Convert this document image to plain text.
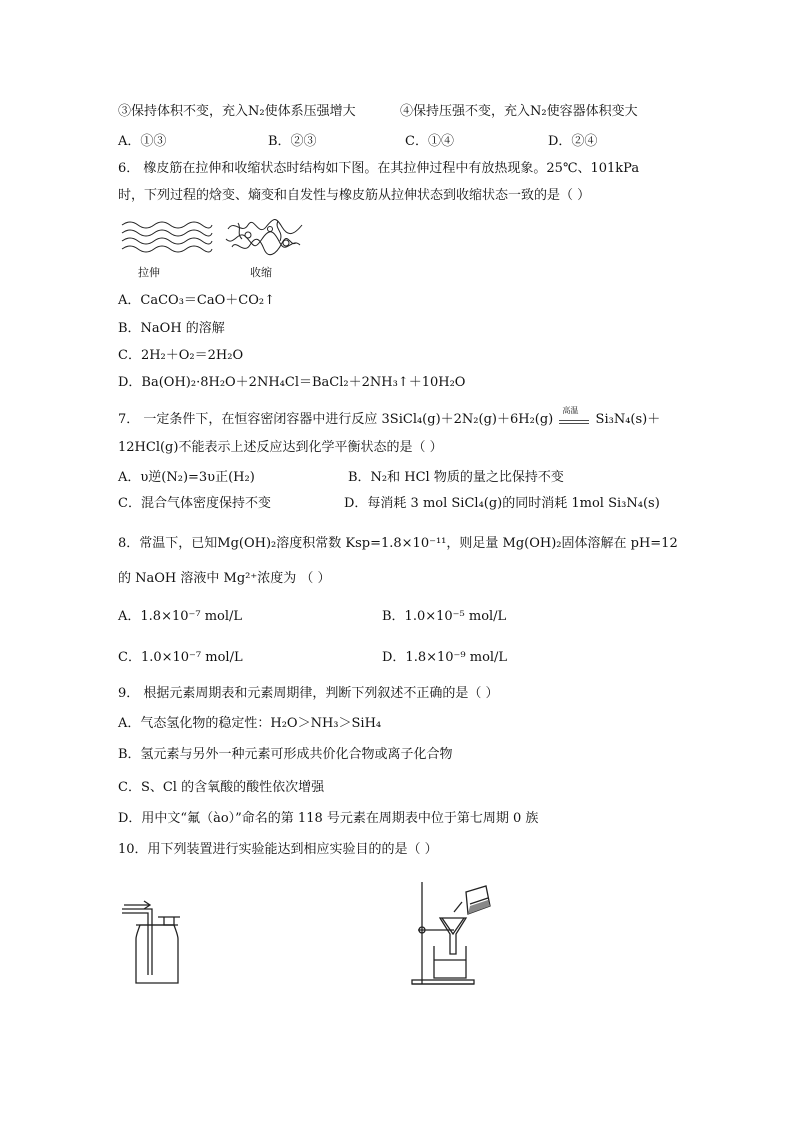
③保持体积不变，充入N₂使体系压强增大	④保持压强不变，充入N₂使容器体积变大
A．①③	B．②③	C．①④	D．②④
6． 橡皮筋在拉伸和收缩状态时结构如下图。在其拉伸过程中有放热现象。25℃、101kPa
时，下列过程的焓变、熵变和自发性与橡皮筋从拉伸状态到收缩状态一致的是（ ）
拉伸	收缩
A．CaCO₃＝CaO＋CO₂↑
B．NaOH 的溶解
C．2H₂＋O₂＝2H₂O
D．Ba(OH)₂·8H₂O＋2NH₄Cl＝BaCl₂＋2NH₃↑＋10H₂O
7． 一定条件下，在恒容密闭容器中进行反应 3SiCl₄(g)＋2N₂(g)＋6H₂(g)
高温
Si₃N₄(s)＋
12HCl(g)不能表示上述反应达到化学平衡状态的是（ ）
A．υ逆(N₂)=3υ正(H₂)	B．N₂和 HCl 物质的量之比保持不变
C．混合气体密度保持不变	D．每消耗 3 mol SiCl₄(g)的同时消耗 1mol Si₃N₄(s)
8．常温下，已知Mg(OH)₂溶度积常数 Ksp=1.8×10⁻¹¹，则足量 Mg(OH)₂固体溶解在 pH=12
的 NaOH 溶液中 Mg²⁺浓度为 （ ）
A．1.8×10⁻⁷ mol/L	B．1.0×10⁻⁵ mol/L
C．1.0×10⁻⁷ mol/L	D．1.8×10⁻⁹ mol/L
9． 根据元素周期表和元素周期律，判断下列叙述不正确的是（ ）
A．气态氢化物的稳定性：H₂O＞NH₃＞SiH₄
B．氢元素与另外一种元素可形成共价化合物或离子化合物
C．S、Cl 的含氧酸的酸性依次增强
D．用中文“氟（ào）”命名的第 118 号元素在周期表中位于第七周期 0 族
10．用下列装置进行实验能达到相应实验目的的是（ ）
